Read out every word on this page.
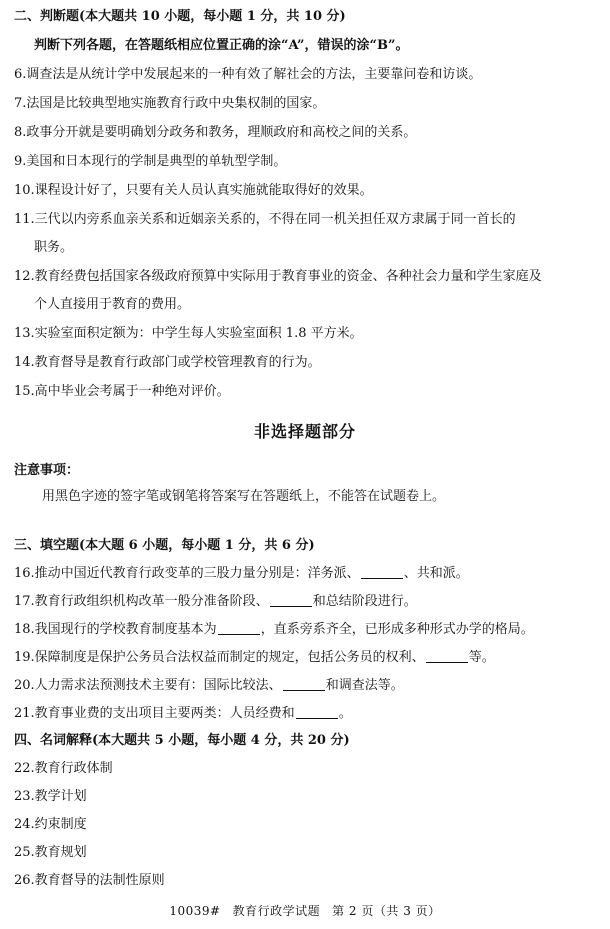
二、判断题(本大题共 10 小题，每小题 1 分，共 10 分)
判断下列各题，在答题纸相应位置正确的涂“A”，错误的涂“B”。
6.调查法是从统计学中发展起来的一种有效了解社会的方法，主要靠问卷和访谈。
7.法国是比较典型地实施教育行政中央集权制的国家。
8.政事分开就是要明确划分政务和教务，理顺政府和高校之间的关系。
9.美国和日本现行的学制是典型的单轨型学制。
10.课程设计好了，只要有关人员认真实施就能取得好的效果。
11.三代以内旁系血亲关系和近姻亲关系的，不得在同一机关担任双方隶属于同一首长的
职务。
12.教育经费包括国家各级政府预算中实际用于教育事业的资金、各种社会力量和学生家庭及
个人直接用于教育的费用。
13.实验室面积定额为：中学生每人实验室面积 1.8 平方米。
14.教育督导是教育行政部门或学校管理教育的行为。
15.高中毕业会考属于一种绝对评价。
非选择题部分
注意事项：
用黑色字迹的签字笔或钢笔将答案写在答题纸上，不能答在试题卷上。
三、填空题(本大题 6 小题，每小题 1 分，共 6 分)
16.推动中国近代教育行政变革的三股力量分别是：洋务派、	、共和派。
17.教育行政组织机构改革一般分准备阶段、	和总结阶段进行。
18.我国现行的学校教育制度基本为	，直系旁系齐全，已形成多种形式办学的格局。
19.保障制度是保护公务员合法权益而制定的规定，包括公务员的权利、	等。
20.人力需求法预测技术主要有：国际比较法、	和调查法等。
21.教育事业费的支出项目主要两类：人员经费和	。
四、名词解释(本大题共 5 小题，每小题 4 分，共 20 分)
22.教育行政体制
23.教学计划
24.约束制度
25.教育规划
26.教育督导的法制性原则
10039# 教育行政学试题 第 2 页（共 3 页）
